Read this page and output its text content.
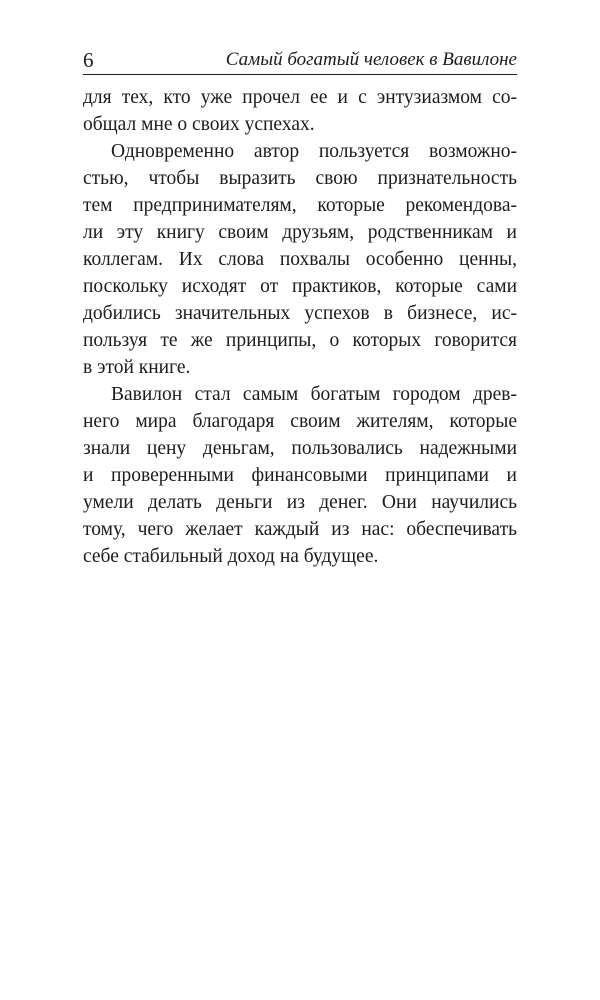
6	Самый богатый человек в Вавилоне
для тех, кто уже прочел ее и с энтузиазмом со-
общал мне о своих успехах.
Одновременно автор пользуется возможно-
стью, чтобы выразить свою признательность
тем предпринимателям, которые рекомендова-
ли эту книгу своим друзьям, родственникам и
коллегам. Их слова похвалы особенно ценны,
поскольку исходят от практиков, которые сами
добились значительных успехов в бизнесе, ис-
пользуя те же принципы, о которых говорится
в этой книге.
Вавилон стал самым богатым городом древ-
него мира благодаря своим жителям, которые
знали цену деньгам, пользовались надежными
и проверенными финансовыми принципами и
умели делать деньги из денег. Они научились
тому, чего желает каждый из нас: обеспечивать
себе стабильный доход на будущее.
